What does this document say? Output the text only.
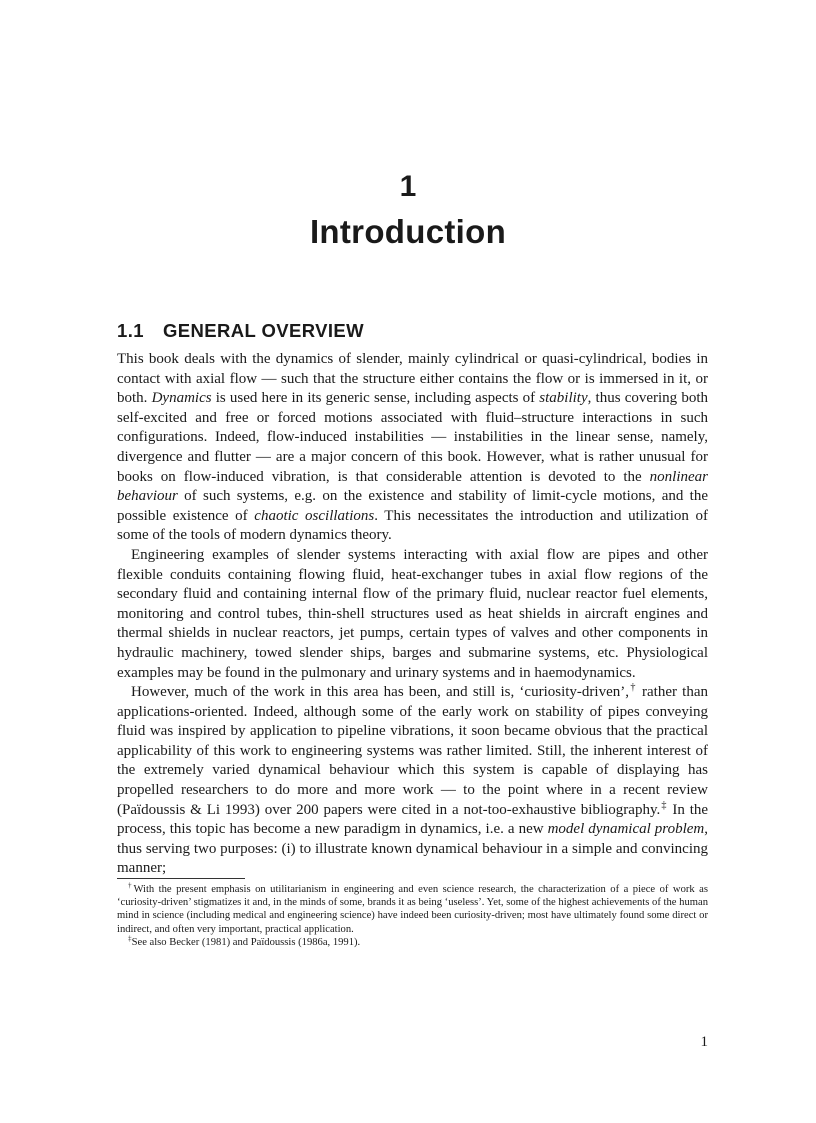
1
Introduction
1.1 GENERAL OVERVIEW

This book deals with the dynamics of slender, mainly cylindrical or quasi-cylindrical, bodies in contact with axial flow — such that the structure either contains the flow or is immersed in it, or both. Dynamics is used here in its generic sense, including aspects of stability, thus covering both self-excited and free or forced motions associated with fluid–structure interactions in such configurations. Indeed, flow-induced instabilities — instabilities in the linear sense, namely, divergence and flutter — are a major concern of this book. However, what is rather unusual for books on flow-induced vibration, is that considerable attention is devoted to the nonlinear behaviour of such systems, e.g. on the existence and stability of limit-cycle motions, and the possible existence of chaotic oscillations. This necessitates the introduction and utilization of some of the tools of modern dynamics theory.

Engineering examples of slender systems interacting with axial flow are pipes and other flexible conduits containing flowing fluid, heat-exchanger tubes in axial flow regions of the secondary fluid and containing internal flow of the primary fluid, nuclear reactor fuel elements, monitoring and control tubes, thin-shell structures used as heat shields in aircraft engines and thermal shields in nuclear reactors, jet pumps, certain types of valves and other components in hydraulic machinery, towed slender ships, barges and submarine systems, etc. Physiological examples may be found in the pulmonary and urinary systems and in haemodynamics.

However, much of the work in this area has been, and still is, ‘curiosity-driven’,† rather than applications-oriented. Indeed, although some of the early work on stability of pipes conveying fluid was inspired by application to pipeline vibrations, it soon became obvious that the practical applicability of this work to engineering systems was rather limited. Still, the inherent interest of the extremely varied dynamical behaviour which this system is capable of displaying has propelled researchers to do more and more work — to the point where in a recent review (Païdoussis & Li 1993) over 200 papers were cited in a not-too-exhaustive bibliography.‡ In the process, this topic has become a new paradigm in dynamics, i.e. a new model dynamical problem, thus serving two purposes: (i) to illustrate known dynamical behaviour in a simple and convincing manner;

†With the present emphasis on utilitarianism in engineering and even science research, the characterization of a piece of work as ‘curiosity-driven’ stigmatizes it and, in the minds of some, brands it as being ‘useless’. Yet, some of the highest achievements of the human mind in science (including medical and engineering science) have indeed been curiosity-driven; most have ultimately found some direct or indirect, and often very important, practical application.

‡See also Becker (1981) and Païdoussis (1986a, 1991).

1
